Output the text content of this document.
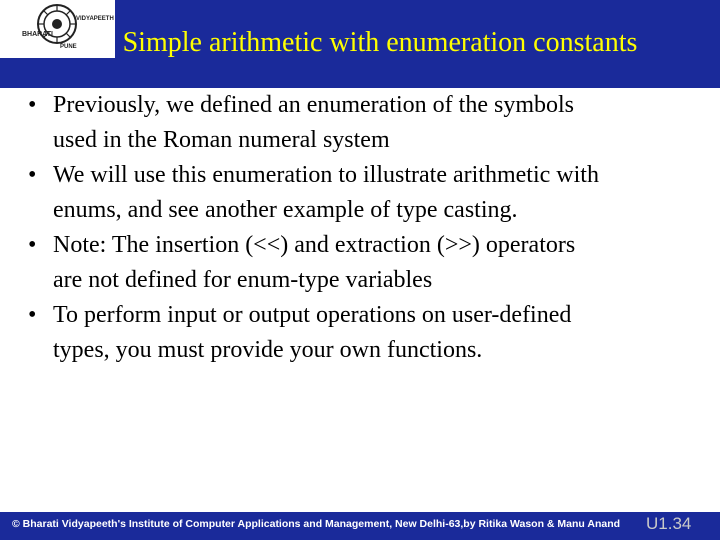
BHARATI
VIDYAPEETH
PUNE	Simple arithmetic with enumeration constants
• Previously, we defined an enumeration of the symbols
used in the Roman numeral system
• We will use this enumeration to illustrate arithmetic with
enums, and see another example of type casting.
• Note: The insertion (<<) and extraction (>>) operators
are not defined for enum-type variables
• To perform input or output operations on user-defined
types, you must provide your own functions.
© Bharati Vidyapeeth's Institute of Computer Applications and Management, New Delhi-63,by Ritika Wason & Manu Anand	U1.34
